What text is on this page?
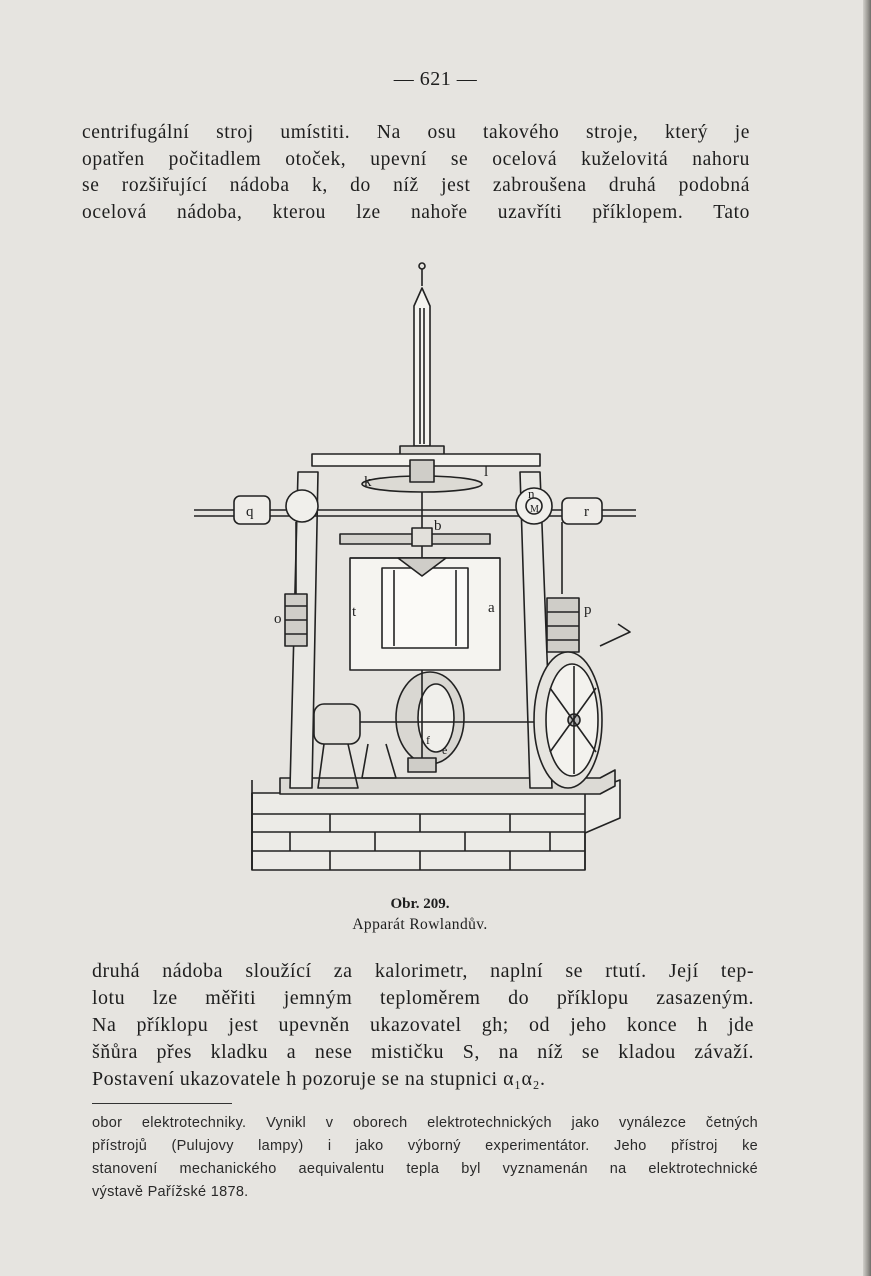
— 621 —

centrifugální stroj umístiti. Na osu takového stroje, který je
opatřen počitadlem otoček, upevní se ocelová kuželovitá nahoru
se rozšiřující nádoba k, do níž jest zabroušena druhá podobná
ocelová nádoba, kterou lze nahoře uzavříti příklopem. Tato

k
l
q	r
n
M
b
o	t	a	p
f
e
Obr. 209.
Apparát Rowlandův.

druhá nádoba sloužící za kalorimetr, naplní se rtutí. Její tep-
lotu lze měřiti jemným teploměrem do příklopu zasazeným.
Na příklopu jest upevněn ukazovatel gh; od jeho konce h jde
šňůra přes kladku a nese mističku S, na níž se kladou závaží.
Postavení ukazovatele h pozoruje se na stupnici α₁α₂.

obor elektrotechniky. Vynikl v oborech elektrotechnických jako vynálezce četných
přístrojů (Pulujovy lampy) i jako výborný experimentátor. Jeho přístroj ke
stanovení mechanického aequivalentu tepla byl vyznamenán na elektrotechnické
výstavě Pařížské 1878.
